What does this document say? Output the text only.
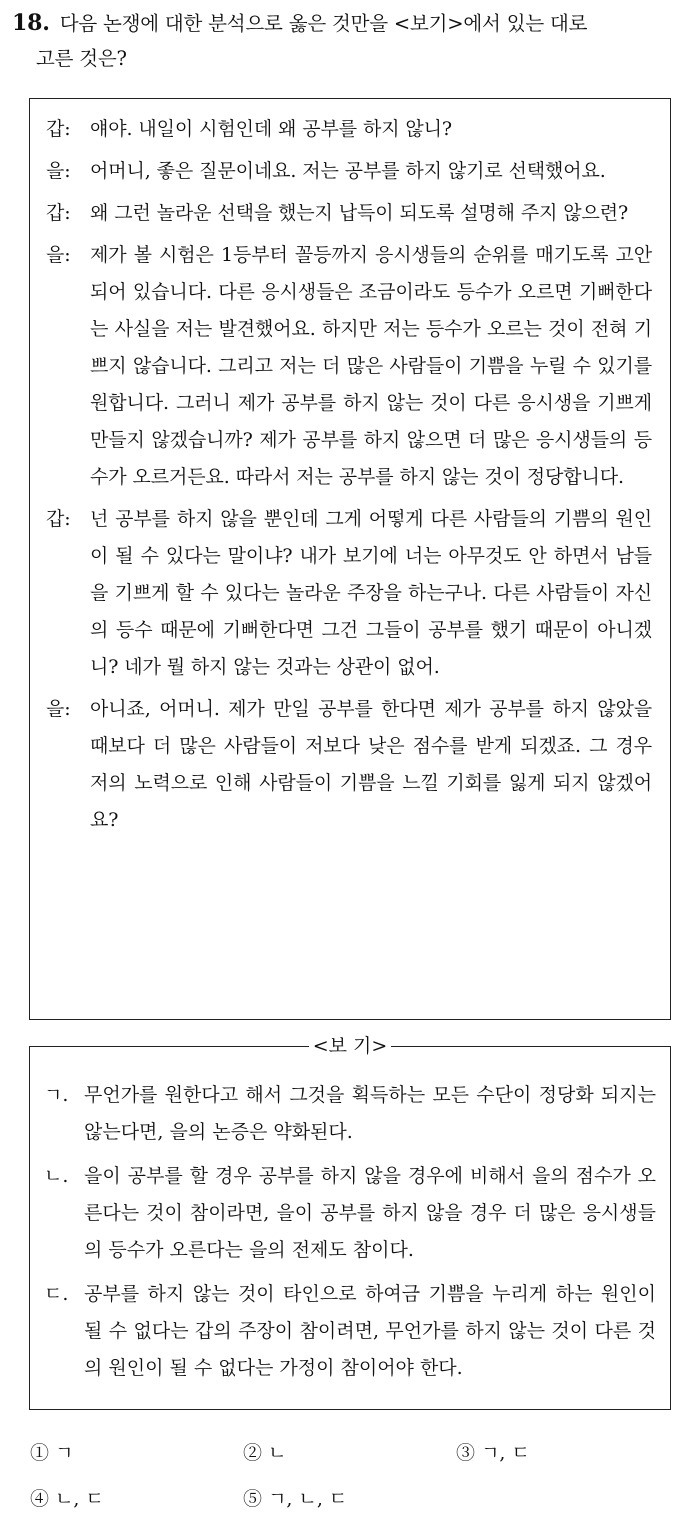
18. 다음 논쟁에 대한 분석으로 옳은 것만을 <보기>에서 있는 대로
고른 것은?
갑:	얘야. 내일이 시험인데 왜 공부를 하지 않니?
을:	어머니, 좋은 질문이네요. 저는 공부를 하지 않기로 선택했어요.
갑:	왜 그런 놀라운 선택을 했는지 납득이 되도록 설명해 주지 않으련?
을:	제가 볼 시험은 1등부터 꼴등까지 응시생들의 순위를 매기도록 고안되어 있습니다. 다른 응시생들은 조금이라도 등수가 오르면 기뻐한다는 사실을 저는 발견했어요. 하지만 저는 등수가 오르는 것이 전혀 기쁘지 않습니다. 그리고 저는 더 많은 사람들이 기쁨을 누릴 수 있기를 원합니다. 그러니 제가 공부를 하지 않는 것이 다른 응시생을 기쁘게 만들지 않겠습니까? 제가 공부를 하지 않으면 더 많은 응시생들의 등수가 오르거든요. 따라서 저는 공부를 하지 않는 것이 정당합니다.
갑:	넌 공부를 하지 않을 뿐인데 그게 어떻게 다른 사람들의 기쁨의 원인이 될 수 있다는 말이냐? 내가 보기에 너는 아무것도 안 하면서 남들을 기쁘게 할 수 있다는 놀라운 주장을 하는구나. 다른 사람들이 자신의 등수 때문에 기뻐한다면 그건 그들이 공부를 했기 때문이 아니겠니? 네가 뭘 하지 않는 것과는 상관이 없어.
을:	아니죠, 어머니. 제가 만일 공부를 한다면 제가 공부를 하지 않았을 때보다 더 많은 사람들이 저보다 낮은 점수를 받게 되겠죠. 그 경우 저의 노력으로 인해 사람들이 기쁨을 느낄 기회를 잃게 되지 않겠어요?
ㄱ. 무언가를 원한다고 해서 그것을 획득하는 모든 수단이 정당화 되지는 않는다면, 을의 논증은 약화된다.
ㄴ. 을이 공부를 할 경우 공부를 하지 않을 경우에 비해서 을의 점수가 오른다는 것이 참이라면, 을이 공부를 하지 않을 경우 더 많은 응시생들의 등수가 오른다는 을의 전제도 참이다.
ㄷ. 공부를 하지 않는 것이 타인으로 하여금 기쁨을 누리게 하는 원인이 될 수 없다는 갑의 주장이 참이려면, 무언가를 하지 않는 것이 다른 것의 원인이 될 수 없다는 가정이 참이어야 한다.
<보 기>
① ㄱ	② ㄴ	③ ㄱ, ㄷ
④ ㄴ, ㄷ	⑤ ㄱ, ㄴ, ㄷ
